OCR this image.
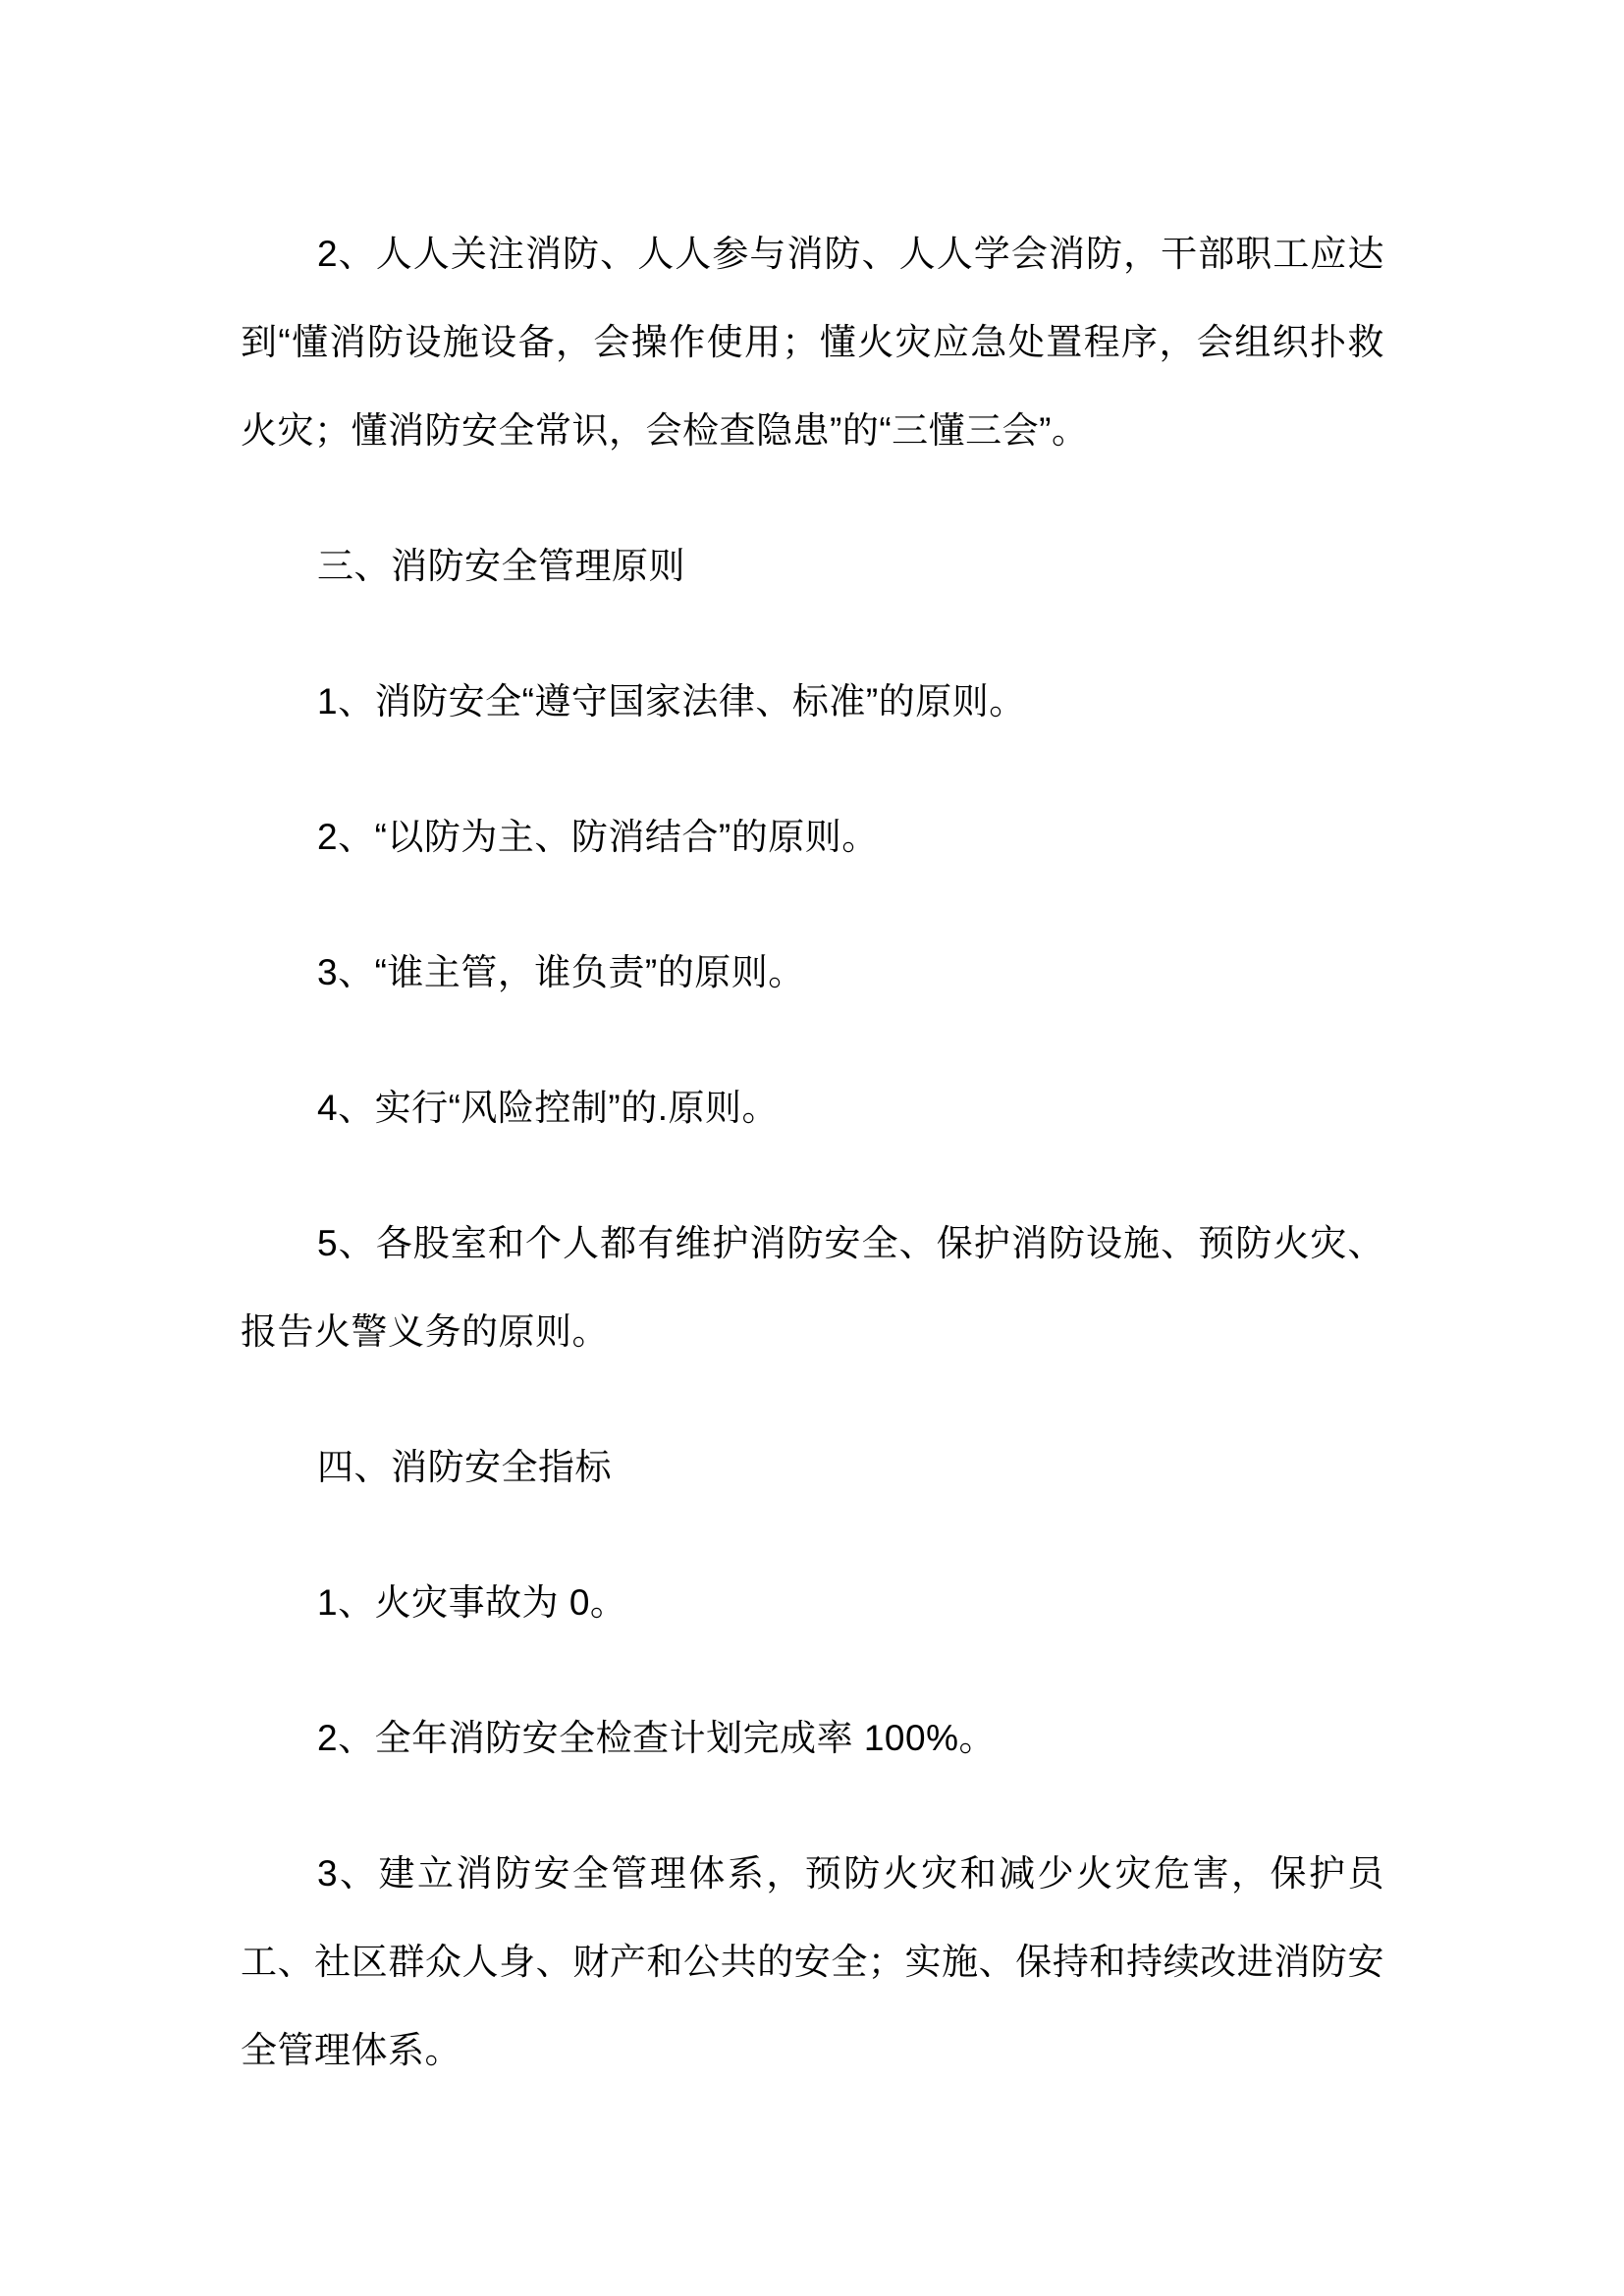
2、人人关注消防、人人参与消防、人人学会消防，干部职工应达到“懂消防设施设备，会操作使用；懂火灾应急处置程序，会组织扑救火灾；懂消防安全常识，会检查隐患”的“三懂三会”。

三、消防安全管理原则

1、消防安全“遵守国家法律、标准”的原则。

2、“以防为主、防消结合”的原则。

3、“谁主管，谁负责”的原则。

4、实行“风险控制”的.原则。

5、各股室和个人都有维护消防安全、保护消防设施、预防火灾、报告火警义务的原则。

四、消防安全指标

1、火灾事故为 0。

2、全年消防安全检查计划完成率 100%。

3、建立消防安全管理体系，预防火灾和减少火灾危害，保护员工、社区群众人身、财产和公共的安全；实施、保持和持续改进消防安全管理体系。
